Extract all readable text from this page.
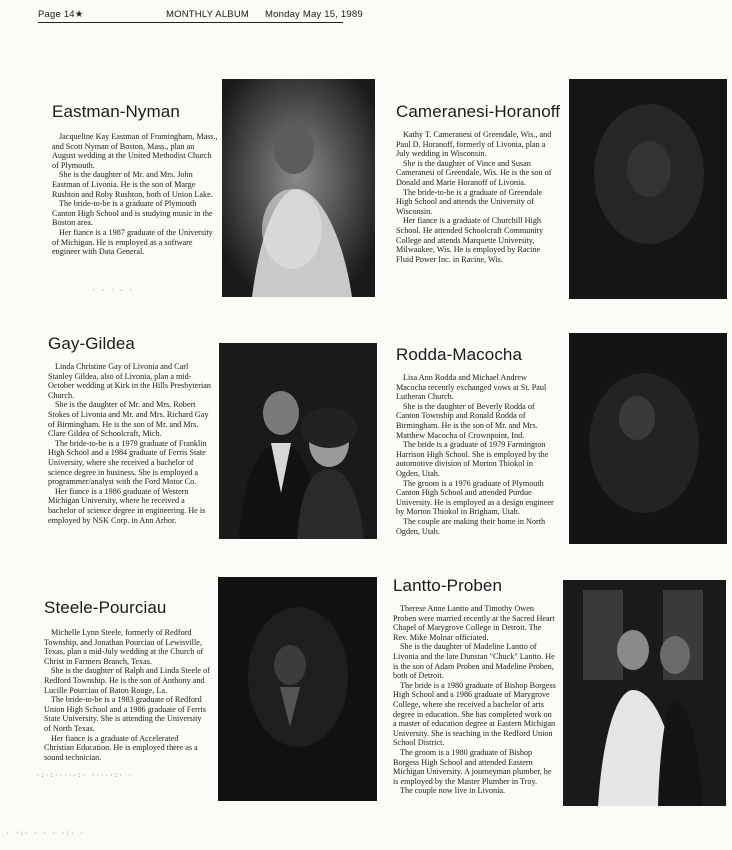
Page 14★	MONTHLY ALBUM Monday May 15, 1989
Eastman-Nyman

Jacqueline Kay Eastman of Framingham, Mass., and Scott Nyman of Boston, Mass., plan an August wedding at the United Methodist Church of Plymouth.

She is the daughter of Mr. and Mrs. John Eastman of Livonia. He is the son of Marge Rushton and Roby Rushton, both of Union Lake.

The bride-to-be is a graduate of Plymouth Canton High School and is studying music in the Boston area.

Her fiance is a 1987 graduate of the University of Michigan. He is employed as a software engineer with Data General.

Cameranesi-Horanoff

Kathy T. Cameranesi of Greendale, Wis., and Paul D. Horanoff, formerly of Livonia, plan a July wedding in Wisconsin.

She is the daughter of Vince and Susan Cameranesi of Greendale, Wis. He is the son of Donald and Marie Horanoff of Livonia.

The bride-to-be is a graduate of Greendale High School and attends the University of Wisconsin.

Her fiance is a graduate of Churchill High School. He attended Schoolcraft Community College and attends Marquette University, Milwaukee, Wis. He is employed by Racine Fluid Power Inc. in Racine, Wis.

Gay-Gildea

Linda Christine Gay of Livonia and Carl Stanley Gildea, also of Livonia, plan a mid-October wedding at Kirk in the Hills Presbyterian Church.

She is the daughter of Mr. and Mrs. Robert Stokes of Livonia and Mr. and Mrs. Richard Gay of Birmingham. He is the son of Mr. and Mrs. Clare Gildea of Schoolcraft, Mich.

The bride-to-be is a 1979 graduate of Franklin High School and a 1984 graduate of Ferris State University, where she received a bachelor of science degree in business. She is employed a programmer/analyst with the Ford Motor Co.

Her fiance is a 1986 graduate of Western Michigan University, where he received a bachelor of science degree in engineering. He is employed by NSK Corp. in Ann Arbor.

Rodda-Macocha

Lisa Ann Rodda and Michael Andrew Macocha recently exchanged vows at St. Paul Lutheran Church.

She is the daughter of Beverly Rodda of Canton Township and Ronald Rodda of Birmingham. He is the son of Mr. and Mrs. Matthew Macocha of Crownpoint, Ind.

The bride is a graduate of 1979 Farmington Harrison High School. She is employed by the automotive division of Morton Thiokol in Ogden, Utah.

The groom is a 1976 graduate of Plymouth Canton High School and attended Purdue University. He is employed as a design engineer by Morton Thiokol in Brigham, Utah.

The couple are making their home in North Ogden, Utah.

Steele-Pourciau

Michelle Lynn Steele, formerly of Redford Township, and Jonathan Pourciau of Lewisville, Texas, plan a mid-July wedding at the Church of Christ in Farmers Branch, Texas.

She is the daughter of Ralph and Linda Steele of Redford Township. He is the son of Anthony and Lucille Pourciau of Baton Rouge, La.

The bride-to-be is a 1983 graduate of Redford Union High School and a 1986 graduate of Ferris State University. She is attending the University of North Texas.

Her fiance is a graduate of Accelerated Christian Education. He is employed there as a sound technician.

Lantto-Proben

Therese Anne Lantto and Timothy Owen Proben were married recently at the Sacred Heart Chapel of Marygrove College in Detroit. The Rev. Mike Molnar officiated.

She is the daughter of Madeline Lantto of Livonia and the late Dunstan "Chuck" Lantto. He is the son of Adam Proben and Madeline Proben, both of Detroit.

The bride is a 1980 graduate of Bishop Borgess High School and a 1986 graduate of Marygrove College, where she received a bachelor of arts degree in education. She has completed work on a master of education degree at Eastern Michigan University. She is teaching in the Redford Union School District.

The groom is a 1980 graduate of Bishop Borgess High School and attended Eastern Michigan University. A journeyman plumber, he is employed by the Master Plumber in Troy.

The couple now live in Livonia.

· · · · ·
·:·:·····:· ·····:· ·
· ·:· · · · ·:· ·
